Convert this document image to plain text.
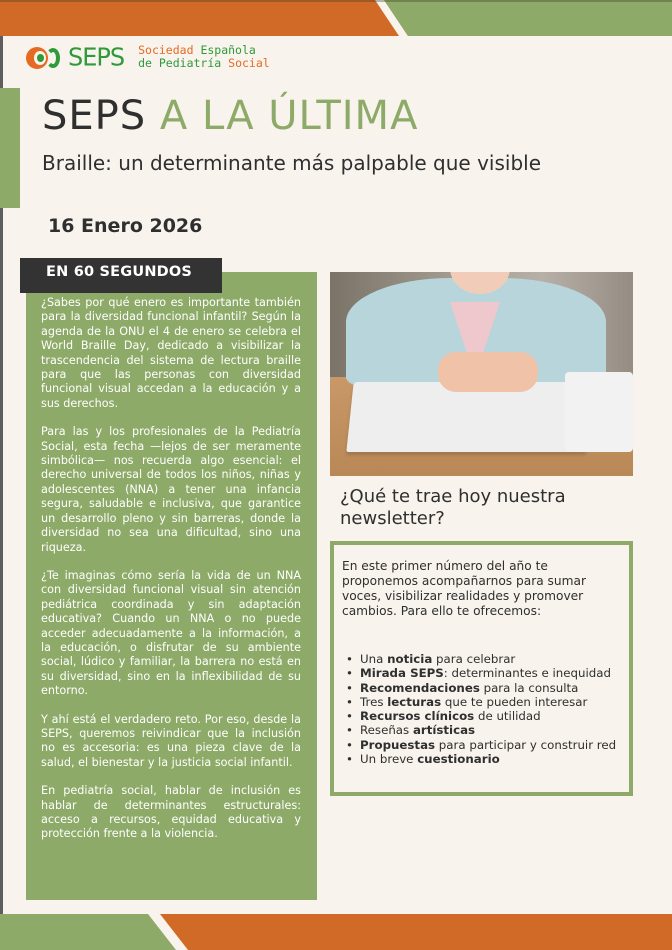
SEPS Sociedad Española
de Pediatría Social
SEPS A LA ÚLTIMA
Braille: un determinante más palpable que visible
16 Enero 2026
EN 60 SEGUNDOS

¿Sabes por qué enero es importante también para la diversidad funcional infantil? Según la agenda de la ONU el 4 de enero se celebra el World Braille Day, dedicado a visibilizar la trascendencia del sistema de lectura braille para que las personas con diversidad funcional visual accedan a la educación y a sus derechos.

Para las y los profesionales de la Pediatría Social, esta fecha —lejos de ser meramente simbólica— nos recuerda algo esencial: el derecho universal de todos los niños, niñas y adolescentes (NNA) a tener una infancia segura, saludable e inclusiva, que garantice un desarrollo pleno y sin barreras, donde la diversidad no sea una dificultad, sino una riqueza.

¿Te imaginas cómo sería la vida de un NNA con diversidad funcional visual sin atención pediátrica coordinada y sin adaptación educativa? Cuando un NNA o no puede acceder adecuadamente a la información, a la educación, o disfrutar de su ambiente social, lúdico y familiar, la barrera no está en su diversidad, sino en la inflexibilidad de su entorno.

Y ahí está el verdadero reto. Por eso, desde la SEPS, queremos reivindicar que la inclusión no es accesoria: es una pieza clave de la salud, el bienestar y la justicia social infantil.

En pediatría social, hablar de inclusión es hablar de determinantes estructurales: acceso a recursos, equidad educativa y protección frente a la violencia.

¿Qué te trae hoy nuestra newsletter?
En este primer número del año te proponemos acompañarnos para sumar voces, visibilizar realidades y promover cambios. Para ello te ofrecemos:
• Una noticia para celebrar
• Mirada SEPS: determinantes e inequidad
• Recomendaciones para la consulta
• Tres lecturas que te pueden interesar
• Recursos clínicos de utilidad
• Reseñas artísticas
• Propuestas para participar y construir red
• Un breve cuestionario
